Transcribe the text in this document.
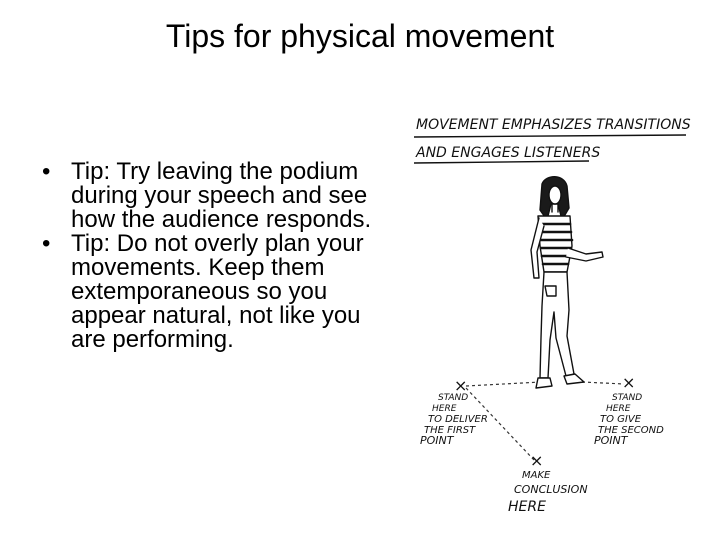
Tips for physical movement
• Tip: Try leaving the podium during your speech and see how the audience responds.
• Tip: Do not overly plan your movements. Keep them extemporaneous so you appear natural, not like you are performing.
MOVEMENT EMPHASIZES TRANSITIONS
AND ENGAGES LISTENERS
×
STAND
HERE
TO DELIVER
THE FIRST
POINT
×
STAND
HERE
TO GIVE
THE SECOND
POINT
×
MAKE
CONCLUSION
HERE
